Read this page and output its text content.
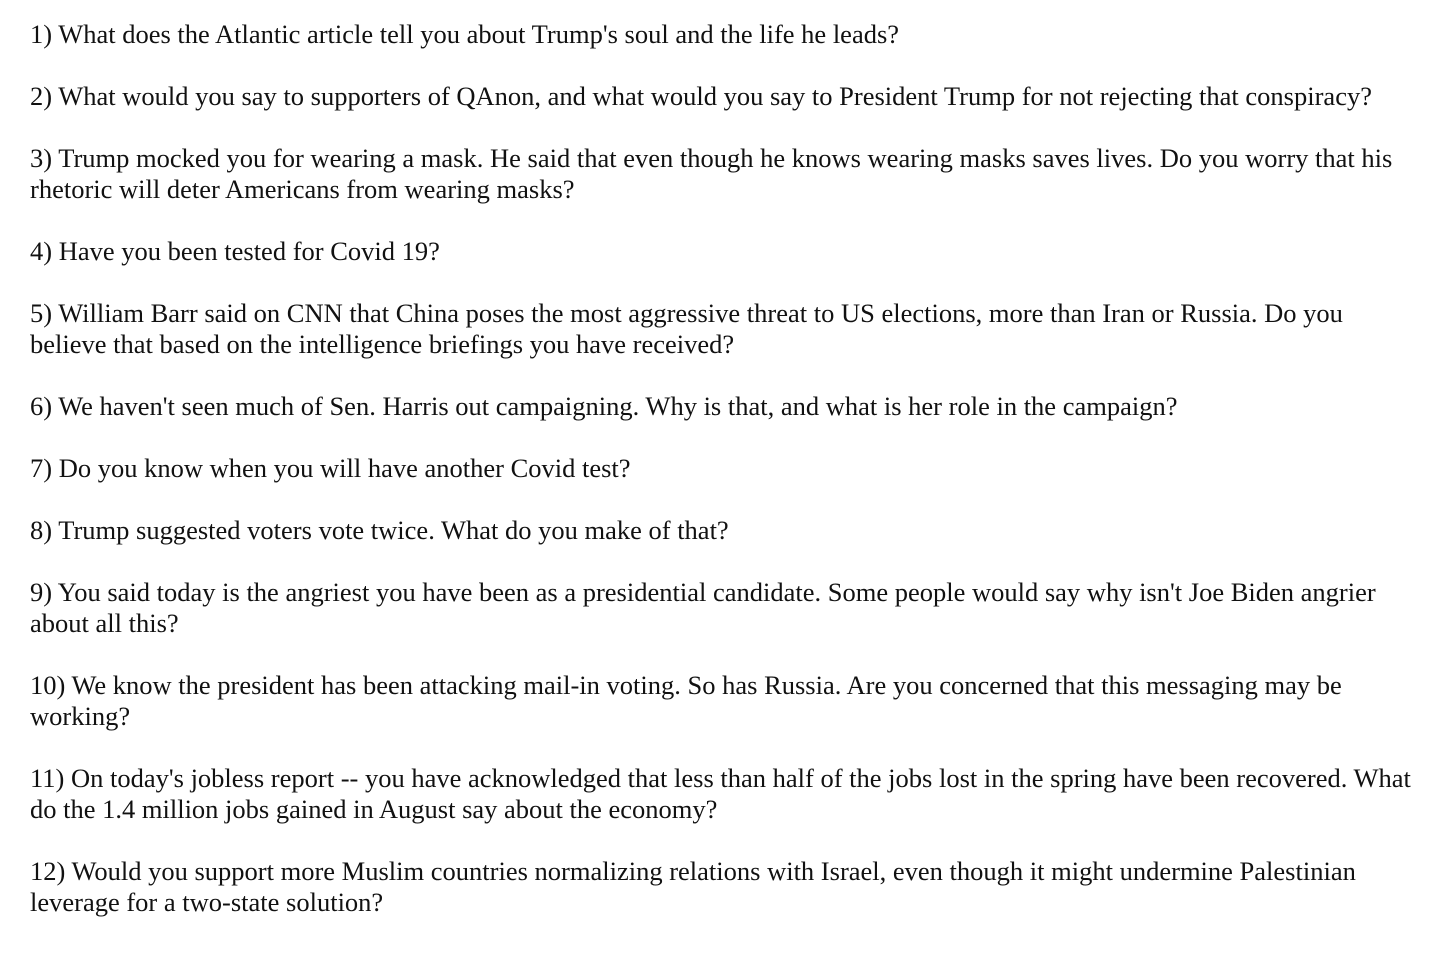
1) What does the Atlantic article tell you about Trump's soul and the life he leads?

2) What would you say to supporters of QAnon, and what would you say to President Trump for not rejecting that conspiracy?

3) Trump mocked you for wearing a mask. He said that even though he knows wearing masks saves lives. Do you worry that his rhetoric will deter Americans from wearing masks?

4) Have you been tested for Covid 19?

5) William Barr said on CNN that China poses the most aggressive threat to US elections, more than Iran or Russia. Do you believe that based on the intelligence briefings you have received?

6) We haven't seen much of Sen. Harris out campaigning. Why is that, and what is her role in the campaign?

7) Do you know when you will have another Covid test?

8) Trump suggested voters vote twice. What do you make of that?

9) You said today is the angriest you have been as a presidential candidate. Some people would say why isn't Joe Biden angrier about all this?

10) We know the president has been attacking mail-in voting. So has Russia. Are you concerned that this messaging may be working?

11) On today's jobless report -- you have acknowledged that less than half of the jobs lost in the spring have been recovered. What do the 1.4 million jobs gained in August say about the economy?

12) Would you support more Muslim countries normalizing relations with Israel, even though it might undermine Palestinian leverage for a two-state solution?
